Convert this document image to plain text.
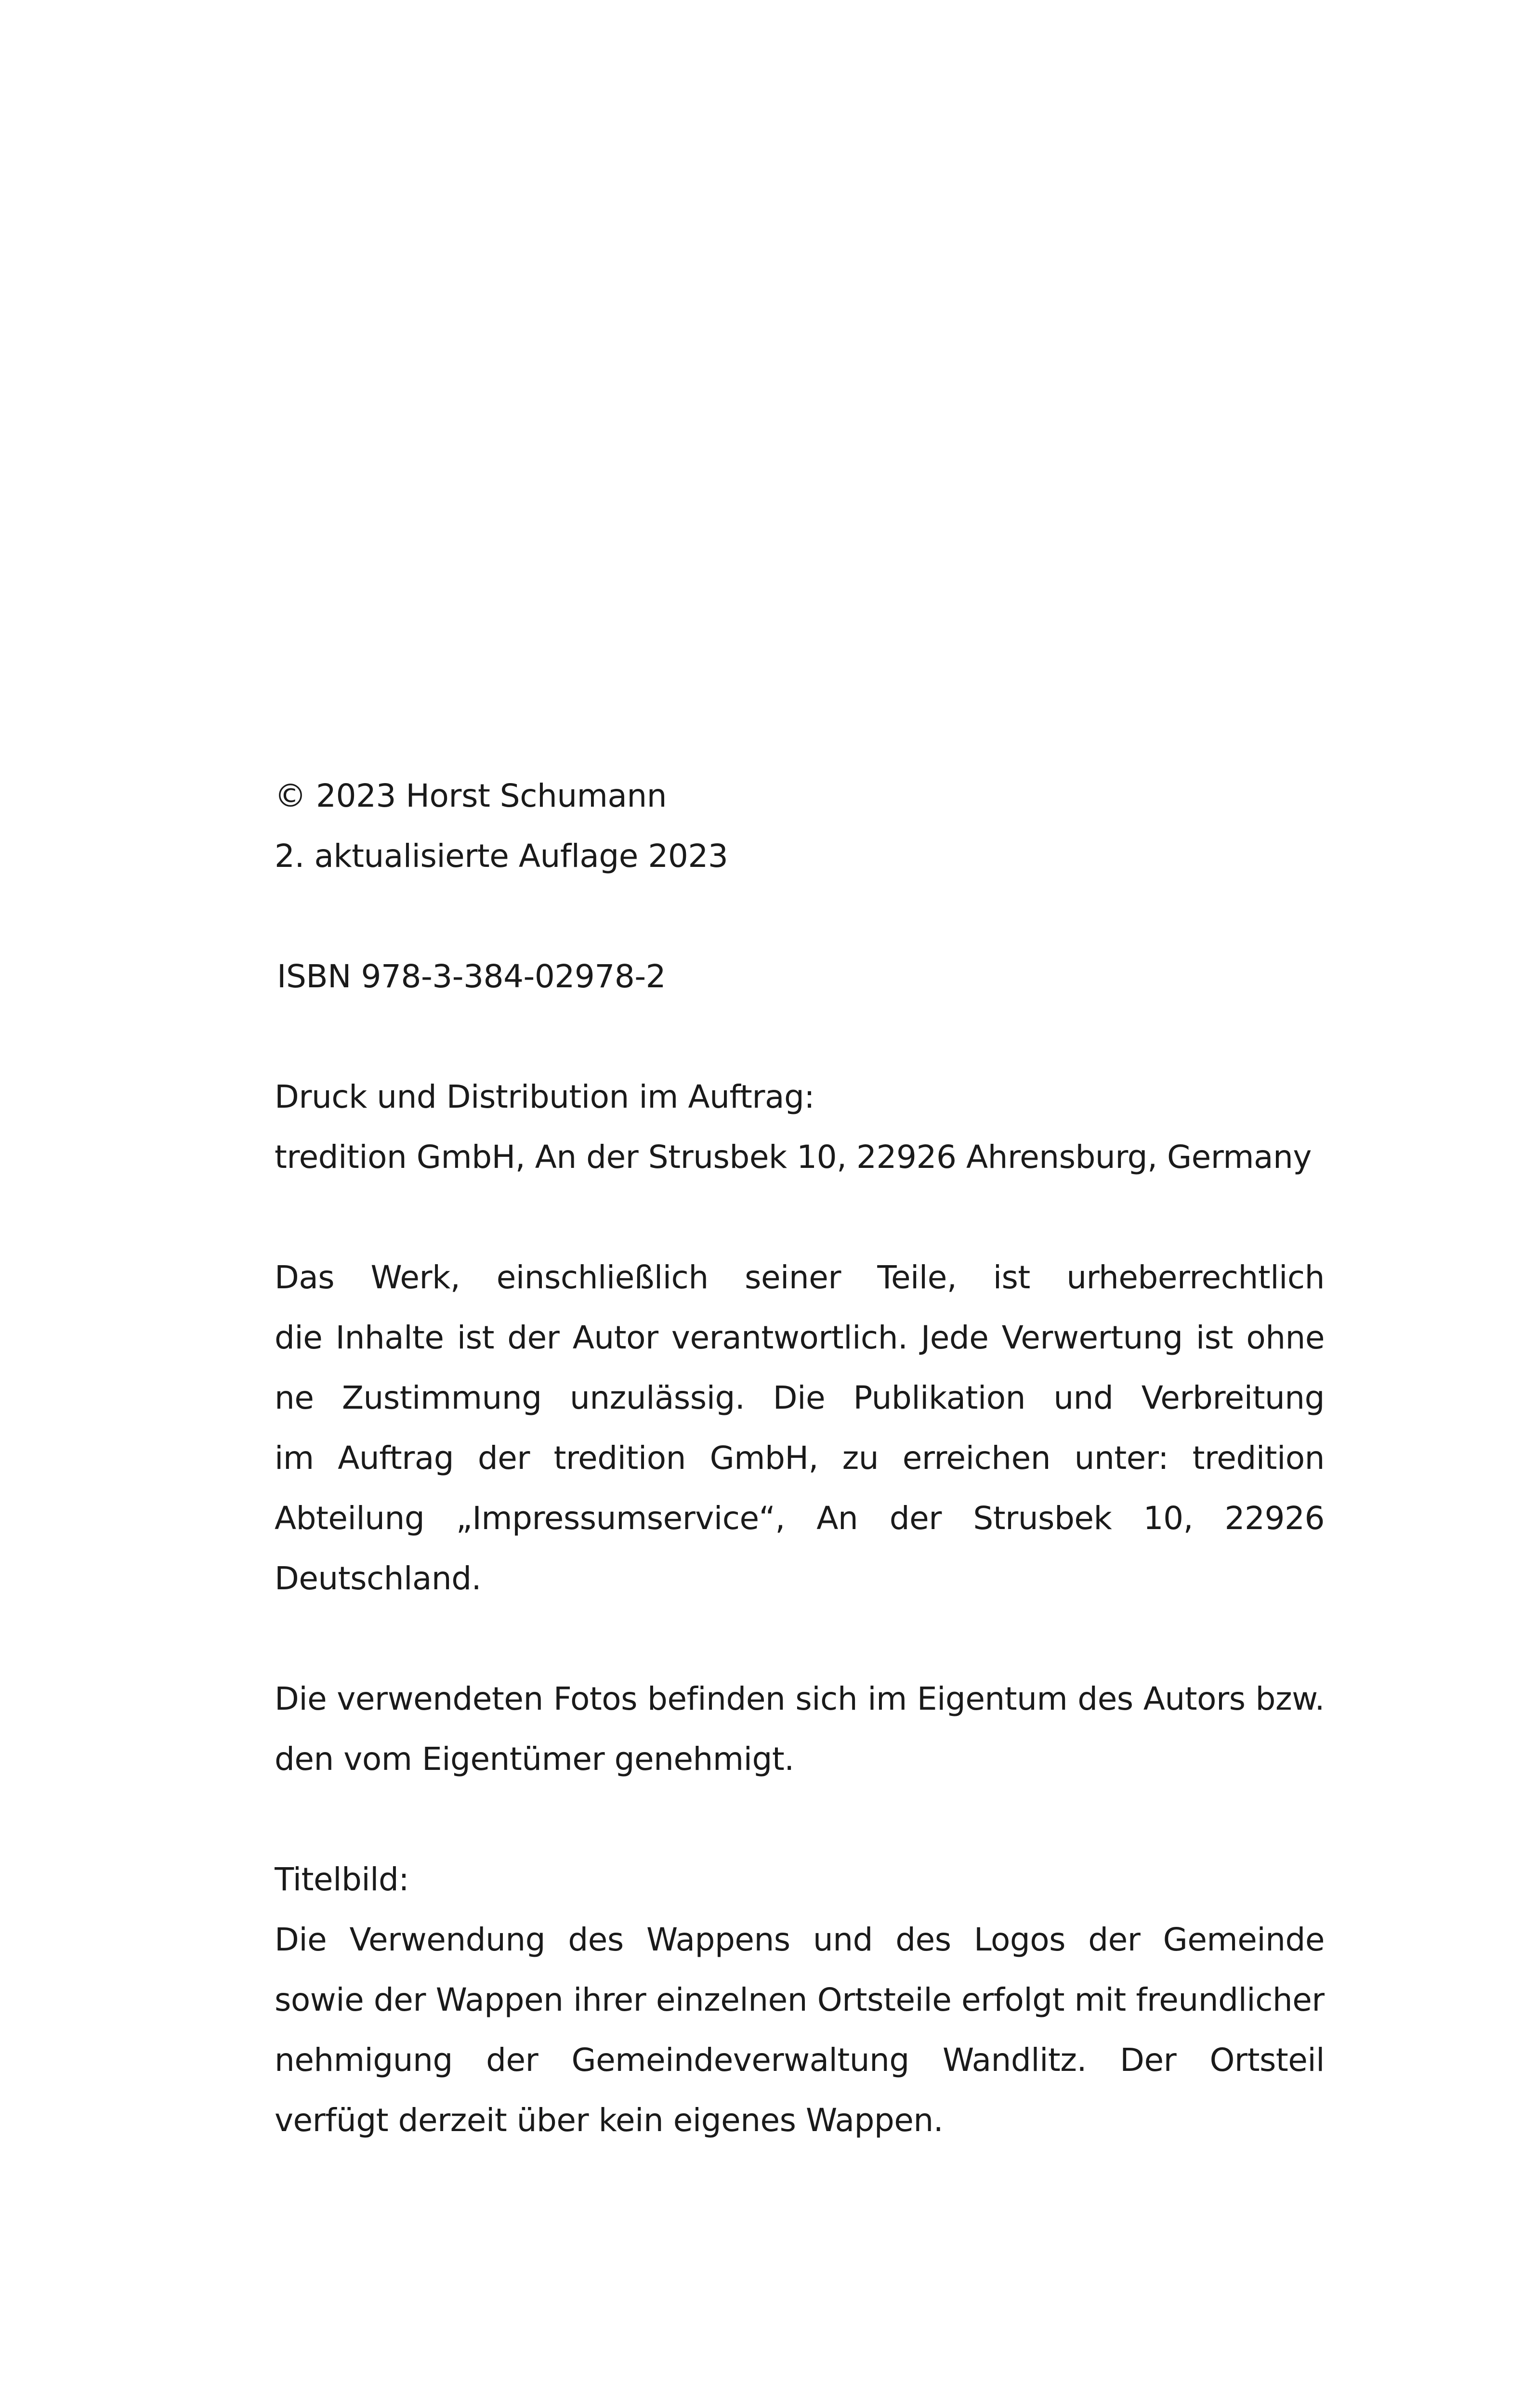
© 2023 Horst Schumann
2. aktualisierte Auflage 2023
ISBN 978-3-384-02978-2
Druck und Distribution im Auftrag:
tredition GmbH, An der Strusbek 10, 22926 Ahrensburg, Germany
Das Werk, einschließlich seiner Teile, ist urheberrechtlich
die Inhalte ist der Autor verantwortlich. Jede Verwertung ist ohne
ne Zustimmung unzulässig. Die Publikation und Verbreitung
im Auftrag der tredition GmbH, zu erreichen unter: tredition
Abteilung „Impressumservice“, An der Strusbek 10, 22926
Deutschland.
Die verwendeten Fotos befinden sich im Eigentum des Autors bzw.
den vom Eigentümer genehmigt.
Titelbild:
Die Verwendung des Wappens und des Logos der Gemeinde
sowie der Wappen ihrer einzelnen Ortsteile erfolgt mit freundlicher
nehmigung der Gemeindeverwaltung Wandlitz. Der Ortsteil
verfügt derzeit über kein eigenes Wappen.
